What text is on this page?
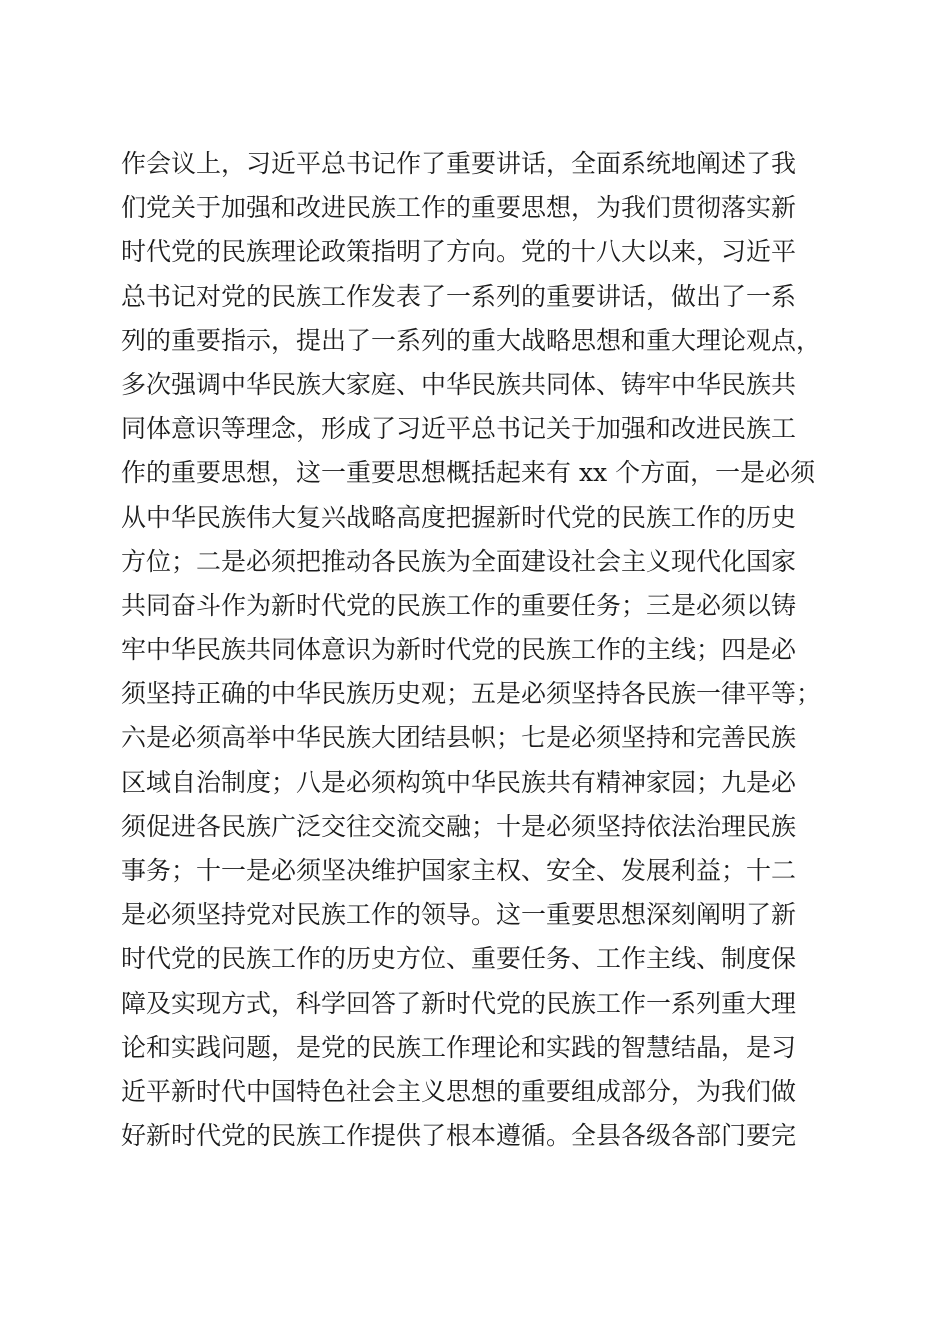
作会议上，习近平总书记作了重要讲话，全面系统地阐述了我
们党关于加强和改进民族工作的重要思想，为我们贯彻落实新
时代党的民族理论政策指明了方向。党的十八大以来，习近平
总书记对党的民族工作发表了一系列的重要讲话，做出了一系
列的重要指示，提出了一系列的重大战略思想和重大理论观点，
多次强调中华民族大家庭、中华民族共同体、铸牢中华民族共
同体意识等理念，形成了习近平总书记关于加强和改进民族工
作的重要思想，这一重要思想概括起来有 xx 个方面，一是必须
从中华民族伟大复兴战略高度把握新时代党的民族工作的历史
方位；二是必须把推动各民族为全面建设社会主义现代化国家
共同奋斗作为新时代党的民族工作的重要任务；三是必须以铸
牢中华民族共同体意识为新时代党的民族工作的主线；四是必
须坚持正确的中华民族历史观；五是必须坚持各民族一律平等；
六是必须高举中华民族大团结县帜；七是必须坚持和完善民族
区域自治制度；八是必须构筑中华民族共有精神家园；九是必
须促进各民族广泛交往交流交融；十是必须坚持依法治理民族
事务；十一是必须坚决维护国家主权、安全、发展利益；十二
是必须坚持党对民族工作的领导。这一重要思想深刻阐明了新
时代党的民族工作的历史方位、重要任务、工作主线、制度保
障及实现方式，科学回答了新时代党的民族工作一系列重大理
论和实践问题，是党的民族工作理论和实践的智慧结晶，是习
近平新时代中国特色社会主义思想的重要组成部分，为我们做
好新时代党的民族工作提供了根本遵循。全县各级各部门要完
